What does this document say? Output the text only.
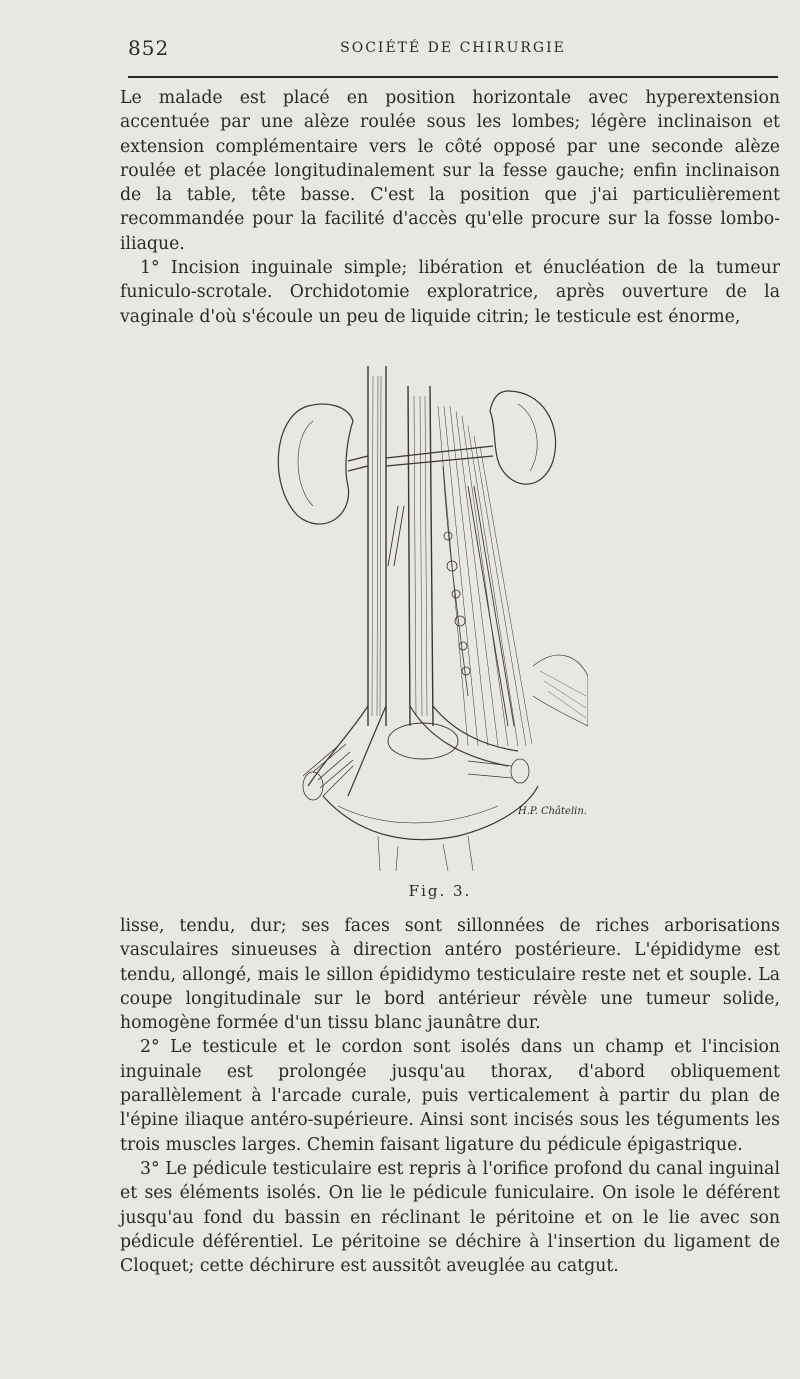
852	SOCIÉTÉ DE CHIRURGIE

Le malade est placé en position horizontale avec hyperextension accentuée par une alèze roulée sous les lombes; légère inclinaison et extension complémentaire vers le côté opposé par une seconde alèze roulée et placée longitudinalement sur la fesse gauche; enfin inclinaison de la table, tête basse. C'est la position que j'ai particulièrement recommandée pour la facilité d'accès qu'elle procure sur la fosse lombo-iliaque.

1° Incision inguinale simple; libération et énucléation de la tumeur funiculo-scrotale. Orchidotomie exploratrice, après ouverture de la vaginale d'où s'écoule un peu de liquide citrin; le testicule est énorme,

H.P. Châtelin.
Fig. 3.

lisse, tendu, dur; ses faces sont sillonnées de riches arborisations vasculaires sinueuses à direction antéro postérieure. L'épididyme est tendu, allongé, mais le sillon épididymo testiculaire reste net et souple. La coupe longitudinale sur le bord antérieur révèle une tumeur solide, homogène formée d'un tissu blanc jaunâtre dur.

2° Le testicule et le cordon sont isolés dans un champ et l'incision inguinale est prolongée jusqu'au thorax, d'abord obliquement parallèlement à l'arcade curale, puis verticalement à partir du plan de l'épine iliaque antéro-supérieure. Ainsi sont incisés sous les téguments les trois muscles larges. Chemin faisant ligature du pédicule épigastrique.

3° Le pédicule testiculaire est repris à l'orifice profond du canal inguinal et ses éléments isolés. On lie le pédicule funiculaire. On isole le déférent jusqu'au fond du bassin en réclinant le péritoine et on le lie avec son pédicule déférentiel. Le péritoine se déchire à l'insertion du ligament de Cloquet; cette déchirure est aussitôt aveuglée au catgut.
